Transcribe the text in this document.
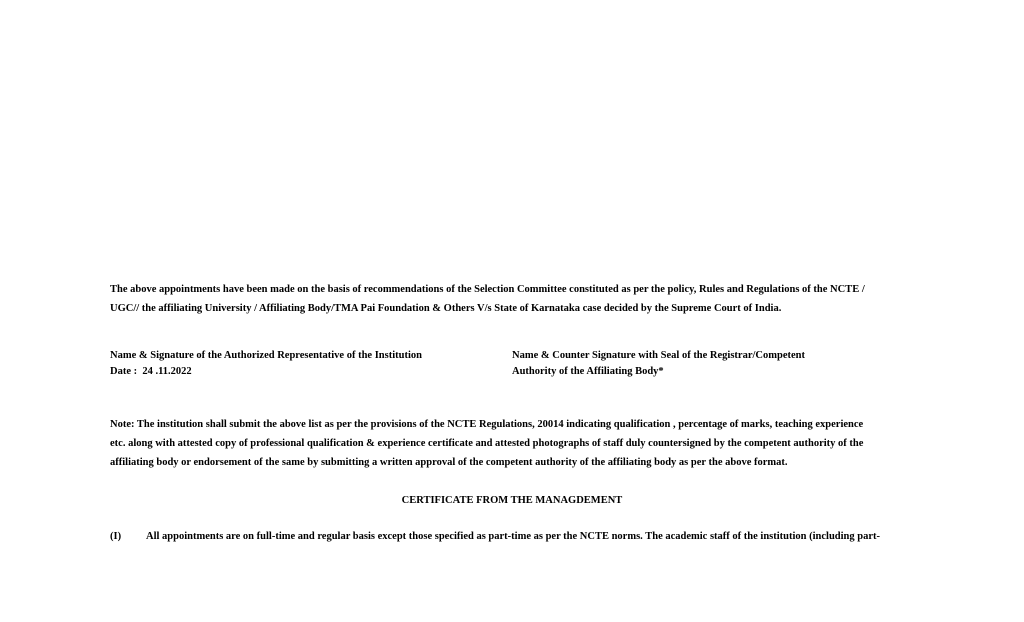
The above appointments have been made on the basis of recommendations of the Selection Committee constituted as per the policy, Rules and Regulations of the NCTE /
UGC// the affiliating University / Affiliating Body/TMA Pai Foundation & Others V/s State of Karnataka case decided by the Supreme Court of India.
Name & Signature of the Authorized Representative of the Institution
Date :  24 .11.2022
Name & Counter Signature with Seal of the Registrar/Competent
Authority of the Affiliating Body*
Note: The institution shall submit the above list as per the provisions of the NCTE Regulations, 20014 indicating qualification , percentage of marks, teaching experience
etc. along with attested copy of professional qualification & experience certificate and attested photographs of staff duly countersigned by the competent authority of the
affiliating body or endorsement of the same by submitting a written approval of the competent authority of the affiliating body as per the above format.
CERTIFICATE FROM THE MANAGDEMENT
(I) All appointments are on full-time and regular basis except those specified as part-time as per the NCTE norms. The academic staff of the institution (including part-
